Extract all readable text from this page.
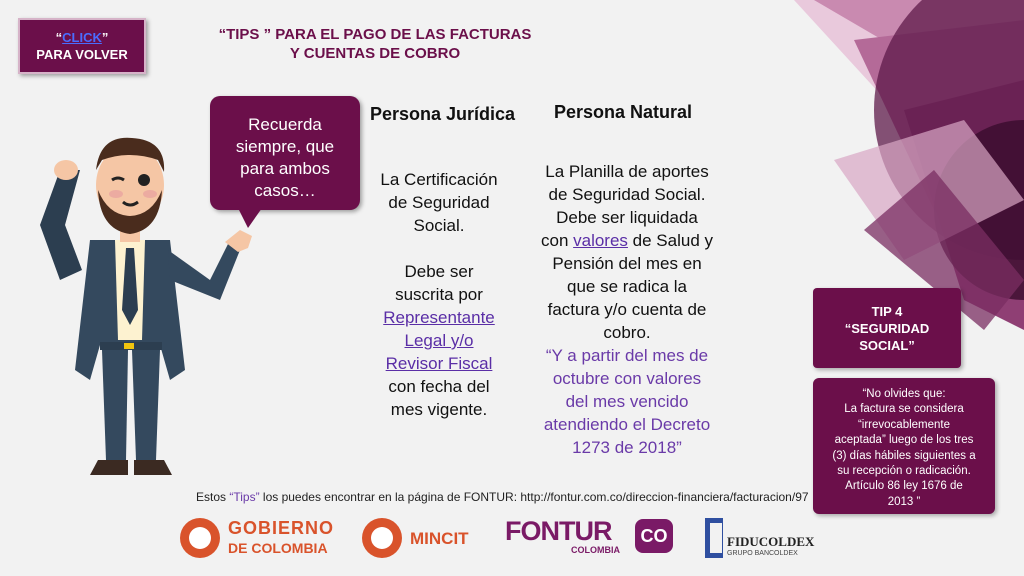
“CLICK”
PARA VOLVER
“TIPS ” PARA EL PAGO DE LAS FACTURAS
Y CUENTAS DE COBRO
Recuerda
siempre, que
para ambos
casos…
Persona Jurídica
La Certificación
de Seguridad
Social.
Debe ser
suscrita por
Representante
Legal y/o
Revisor Fiscal
con fecha del
mes vigente.
Persona Natural
La Planilla de aportes
de Seguridad Social.
Debe ser liquidada
con valores de Salud y
Pensión del mes en
que se radica la
factura y/o cuenta de
cobro.
“Y a partir del mes de
octubre con valores
del mes vencido
atendiendo el Decreto
1273 de 2018”
TIP 4
“SEGURIDAD
SOCIAL”
“No olvides que:
La factura se considera
“irrevocablemente
aceptada” luego de los tres
(3) días hábiles siguientes a
su recepción o radicación.
Artículo 86 ley 1676 de
2013 ”
Estos “Tips” los puedes encontrar en la página de FONTUR: http://fontur.com.co/direccion-financiera/facturacion/97
GOBIERNO
DE COLOMBIA	MINCIT FONTUR
COLOMBIA
CO	FIDUCOLDEX
GRUPO BANCOLDEX
